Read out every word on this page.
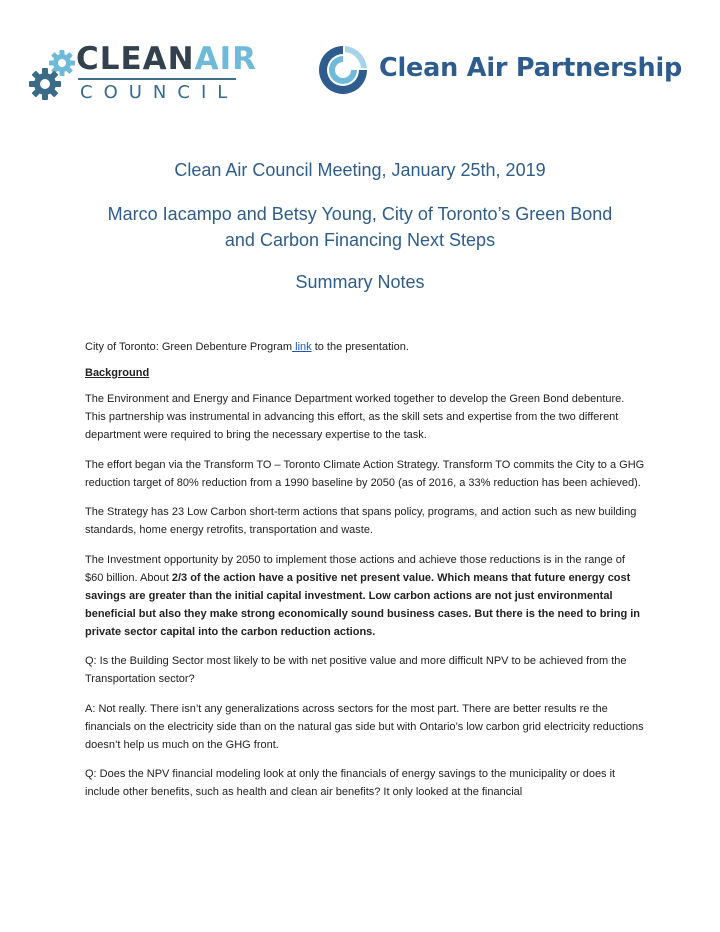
CLEANAIR
COUNCIL
Clean Air Partnership
Clean Air Council Meeting, January 25th, 2019
Marco Iacampo and Betsy Young, City of Toronto’s Green Bond
and Carbon Financing Next Steps
Summary Notes

City of Toronto: Green Debenture Program link to the presentation.

Background

The Environment and Energy and Finance Department worked together to develop the Green Bond debenture. This partnership was instrumental in advancing this effort, as the skill sets and expertise from the two different department were required to bring the necessary expertise to the task.

The effort began via the Transform TO – Toronto Climate Action Strategy. Transform TO commits the City to a GHG reduction target of 80% reduction from a 1990 baseline by 2050 (as of 2016, a 33% reduction has been achieved).

The Strategy has 23 Low Carbon short-term actions that spans policy, programs, and action such as new building standards, home energy retrofits, transportation and waste.

The Investment opportunity by 2050 to implement those actions and achieve those reductions is in the range of $60 billion. About 2/3 of the action have a positive net present value. Which means that future energy cost savings are greater than the initial capital investment. Low carbon actions are not just environmental beneficial but also they make strong economically sound business cases. But there is the need to bring in private sector capital into the carbon reduction actions.

Q: Is the Building Sector most likely to be with net positive value and more difficult NPV to be achieved from the Transportation sector?

A: Not really. There isn’t any generalizations across sectors for the most part. There are better results re the financials on the electricity side than on the natural gas side but with Ontario’s low carbon grid electricity reductions doesn’t help us much on the GHG front.

Q: Does the NPV financial modeling look at only the financials of energy savings to the municipality or does it include other benefits, such as health and clean air benefits? It only looked at the financial
